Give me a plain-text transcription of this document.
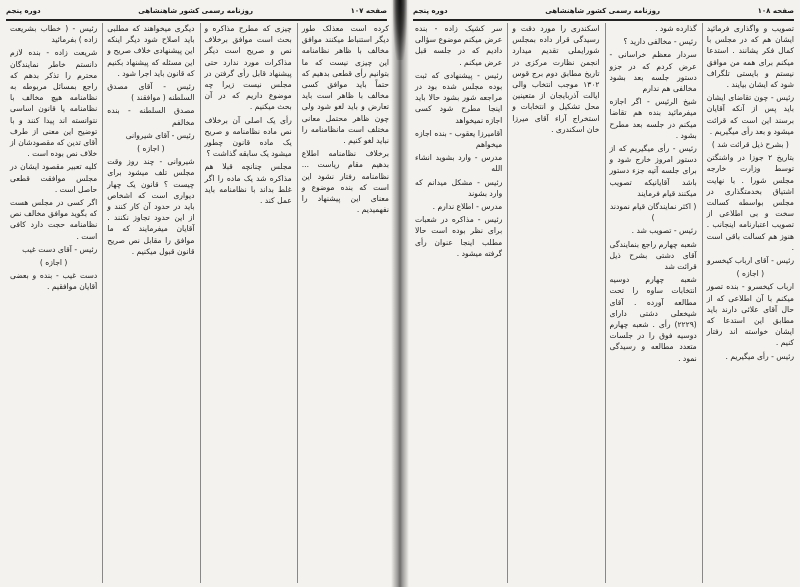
صفحه ۱۰۷
روزنامه رسمی کشور شاهنشاهی
دوره پنجم

کرده است معذلک طور دیگر استنباط میکنند موافق مخالف با ظاهر نظامنامه این چیزی نیست که ما بتوانیم رأی قطعی بدهیم که حتماً باید موافق کسی مخالف با ظاهر است باید تعارض و باید لغو شود ولی چون ظاهر محتمل معانی مختلف است مانظامنامه را نباید لغو کنیم .

برخلاف نظامنامه اطلاع بدهیم مقام ریاست ... نظامنامه رفتار نشود این است که بنده موضوع و معنای این پیشنهاد را نفهمیدیم .

چیزی که مطرح مذاکره و بحث است موافق برخلاف نص و صریح است دیگر مذاکرات مورد ندارد حتی پیشنهاد قابل رأی گرفتن در مجلس نیست زیرا چه موضوع داریم که در آن بحث میکنیم .

رأی یک اصلی آن برخلاف نص ماده نظامنامه و صریح یک ماده قانون چطور میشود یک سابقه گذاشت ؟

مجلس چنانچه قبلا هم مذاکره شد یک ماده را اگر غلط بداند با نظامنامه باید عمل کند .

دیگری میخواهند که مطلبی باید اصلاح شود دیگر اینکه این پیشنهادی خلاف صریح و این مسئله که پیشنهاد بکنیم که قانون باید اجرا شود .

رئیس - آقای مصدق السلطنه ( موافقند )

مصدق السلطنه - بنده مخالفم

رئیس - آقای شیروانی

( اجازه )

شیروانی - چند روز وقت مجلس تلف میشود برای چیست ؟ قانون یک چهار دیواری است که اشخاص باید در حدود آن کار کنند و از این حدود تجاوز نکنند . آقایان میفرمایند که ما موافق را مقابل نص صریح قانون قبول میکنیم .

رئیس - ( خطاب بشریعت زاده ) بفرمائید

شریعت زاده - بنده لازم دانستم خاطر نمایندگان محترم را تذکر بدهم که راجع بمسائل مربوطه به نظامنامه هیچ مخالف با نظامنامه یا قانون اساسی نتوانسته اند پیدا کنند و با توضیح این معنی از طرف آقای تدین که مقصودشان از خلاف نص بوده است .

کلیه تعبیر مقصود ایشان در مجلس موافقت قطعی حاصل است .

اگر کسی در مجلس هست که بگوید موافق مخالف نص نظامنامه حجت دارد کافی است .

رئیس - آقای دست غیب

( اجازه )

دست غیب - بنده و بعضی آقایان موافقیم .

صفحه ۱۰۸
روزنامه رسمی کشور شاهنشاهی
دوره پنجم

تصویب و واگذاری فرمائید ایشان هم که در مجلس با کمال فکر یشانند . استدعا میکنم برای همه من موافق نیستم و بایستی تلگراف شود که ایشان بیایند .

رئیس - چون تقاضای ایشان باید پس از آنکه آقایان برسند این است که قرائت میشود و بعد رأی میگیریم .

( بشرح ذیل قرائت شد )

بتاریخ ۲ جوزا در واشنگتن توسط وزارت خارجه مجلس شورا . با نهایت اشتیاق بخدمتگذاری در مجلس بواسطه کسالت سخت و بی اطلاعی از تصویب اعتبارنامه اینجانب . هنوز هم کسالت باقی است .

رئیس - آقای ارباب کیخسرو

( اجازه )

ارباب کیخسرو - بنده تصور میکنم با آن اطلاعی که از حال آقای علائی دارند باید مطابق این استدعا که ایشان خواسته اند رفتار کنیم .

رئیس - رأی میگیریم .

گذارده شود .

رئیس - مخالفی دارید ؟

سردار معظم خراسانی - عرض کردم که در جزو دستور جلسه بعد بشود مخالفی هم ندارم

شیخ الرئیس - اگر اجازه میفرمائید بنده هم تقاضا میکنم در جلسه بعد مطرح بشود .

رئیس - رأی میگیریم که از دستور امروز خارج شود و برای جلسه آتیه جزء دستور باشد آقایانیکه تصویب میکنند قیام فرمایند

( اکثر نمایندگان قیام نمودند )

رئیس - تصویب شد .

شعبه چهارم راجع بنمایندگی آقای دشتی بشرح ذیل قرائت شد

شعبه چهارم دوسیه انتخابات ساوه را تحت مطالعه آورده . آقای شیخعلی دشتی دارای (۲۲۲۹) رأی . شعبه چهارم دوسیه فوق را در جلسات متعدد مطالعه و رسیدگی نمود .

اسکندری را مورد دقت و رسیدگی قرار داده بمجلس شورایملی تقدیم میدارد انجمن نظارت مرکزی در تاریخ مطابق دوم برج قوس ۱۳۰۲ موجب انتخاب والی ایالت آذربایجان از متعینین محل تشکیل و انتخابات و استخراج آراء آقای میرزا خان اسکندری .

سر کشیک زاده - بنده عرض میکنم موضوع سؤالی دادیم که در جلسه قبل عرض میکنم .

رئیس - پیشنهادی که ثبت بوده مجلس شده بود در مراجعه شور بشود حالا باید اینجا مطرح شود کسی اجازه نمیخواهد

آقامیرزا یعقوب - بنده اجازه میخواهم

مدرس - وارد بشوید انشاء الله

رئیس - مشکل میدانم که وارد بشوند

مدرس - اطلاع ندارم .

رئیس - مذاکره در شعبات برای نظر بوده است حالا مطلب اینجا عنوان رأی گرفته میشود .
